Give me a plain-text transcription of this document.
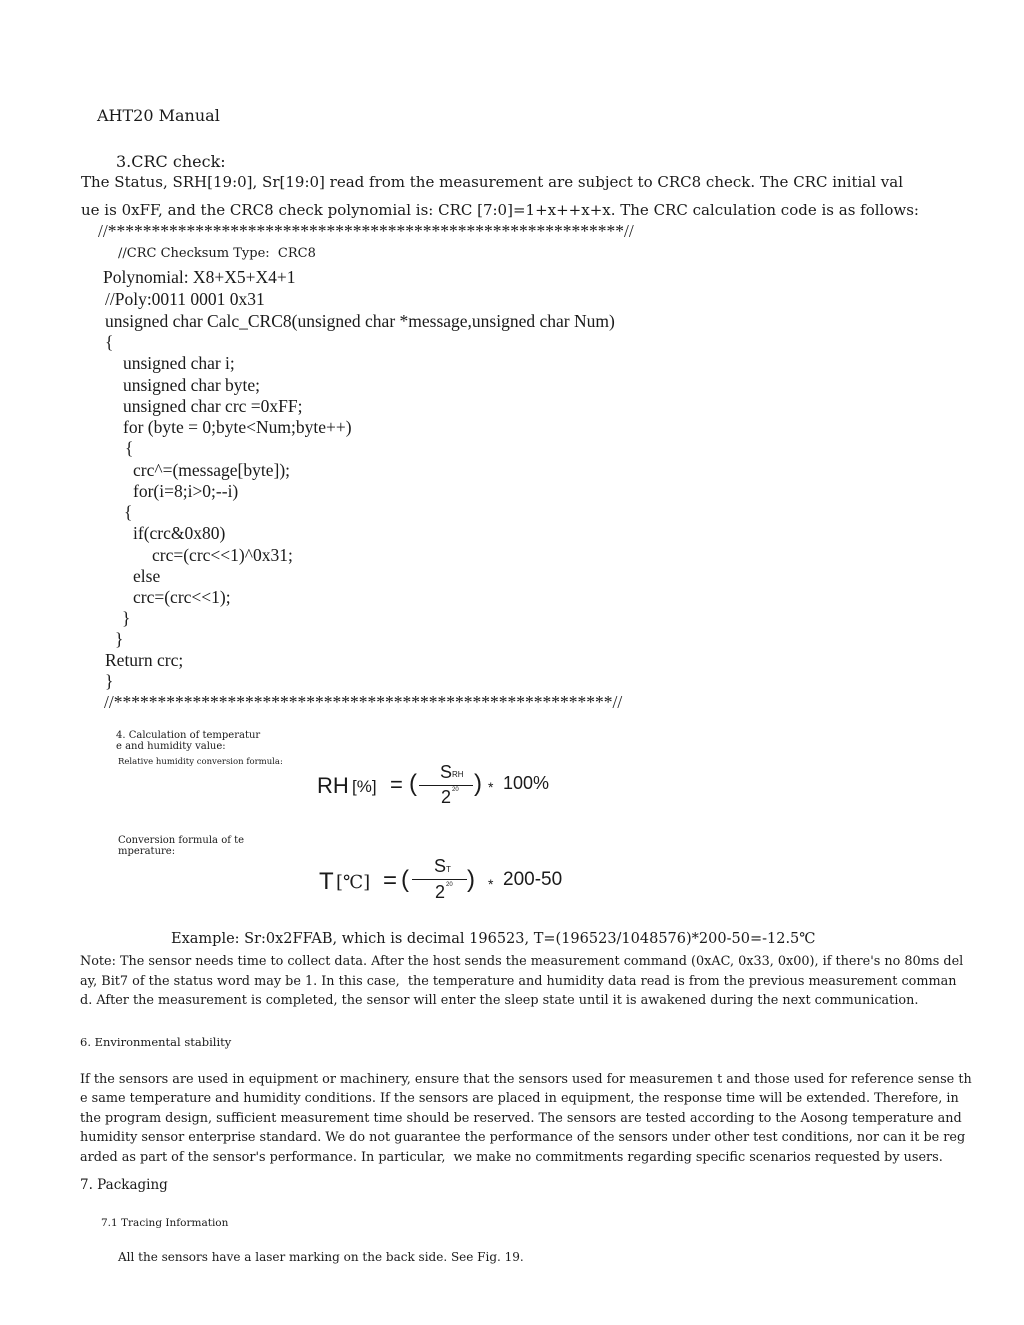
AHT20 Manual
3.CRC check:
The Status, SRH[19:0], Sr[19:0] read from the measurement are subject to CRC8 check. The CRC initial val
ue is 0xFF, and the CRC8 check polynomial is: CRC [7:0]=1+x++x+x. The CRC calculation code is as follows:
//***********************************************************//
//CRC Checksum Type:  CRC8
Polynomial: X8+X5+X4+1
//Poly:0011 0001 0x31
unsigned char Calc_CRC8(unsigned char *message,unsigned char Num)
{
unsigned char i;
unsigned char byte;
unsigned char crc =0xFF;
for (byte = 0;byte<Num;byte++)
{
crc^=(message[byte]);
for(i=8;i>0;--i)
{
if(crc&0x80)
crc=(crc<<1)^0x31;
else
crc=(crc<<1);
}
}
Return crc;
}
//*********************************************************//
4. Calculation of temperatur
e and humidity value:
Relative humidity conversion formula:
RH [%] = ( S RH
2 20 ) * 100%
Conversion formula of te
mperature:
T [℃] = ( S T
2 20 ) * 200-50
Example: Sr:0x2FFAB, which is decimal 196523, T=(196523/1048576)*200-50=-12.5℃
Note: The sensor needs time to collect data. After the host sends the measurement command (0xAC, 0x33, 0x00), if there's no 80ms del
ay, Bit7 of the status word may be 1. In this case,  the temperature and humidity data read is from the previous measurement comman
d. After the measurement is completed, the sensor will enter the sleep state until it is awakened during the next communication.
6. Environmental stability
If the sensors are used in equipment or machinery, ensure that the sensors used for measuremen t and those used for reference sense th
e same temperature and humidity conditions. If the sensors are placed in equipment, the response time will be extended. Therefore, in
the program design, sufficient measurement time should be reserved. The sensors are tested according to the Aosong temperature and
humidity sensor enterprise standard. We do not guarantee the performance of the sensors under other test conditions, nor can it be reg
arded as part of the sensor's performance. In particular,  we make no commitments regarding specific scenarios requested by users.
7. Packaging
7.1 Tracing Information
All the sensors have a laser marking on the back side. See Fig. 19.
